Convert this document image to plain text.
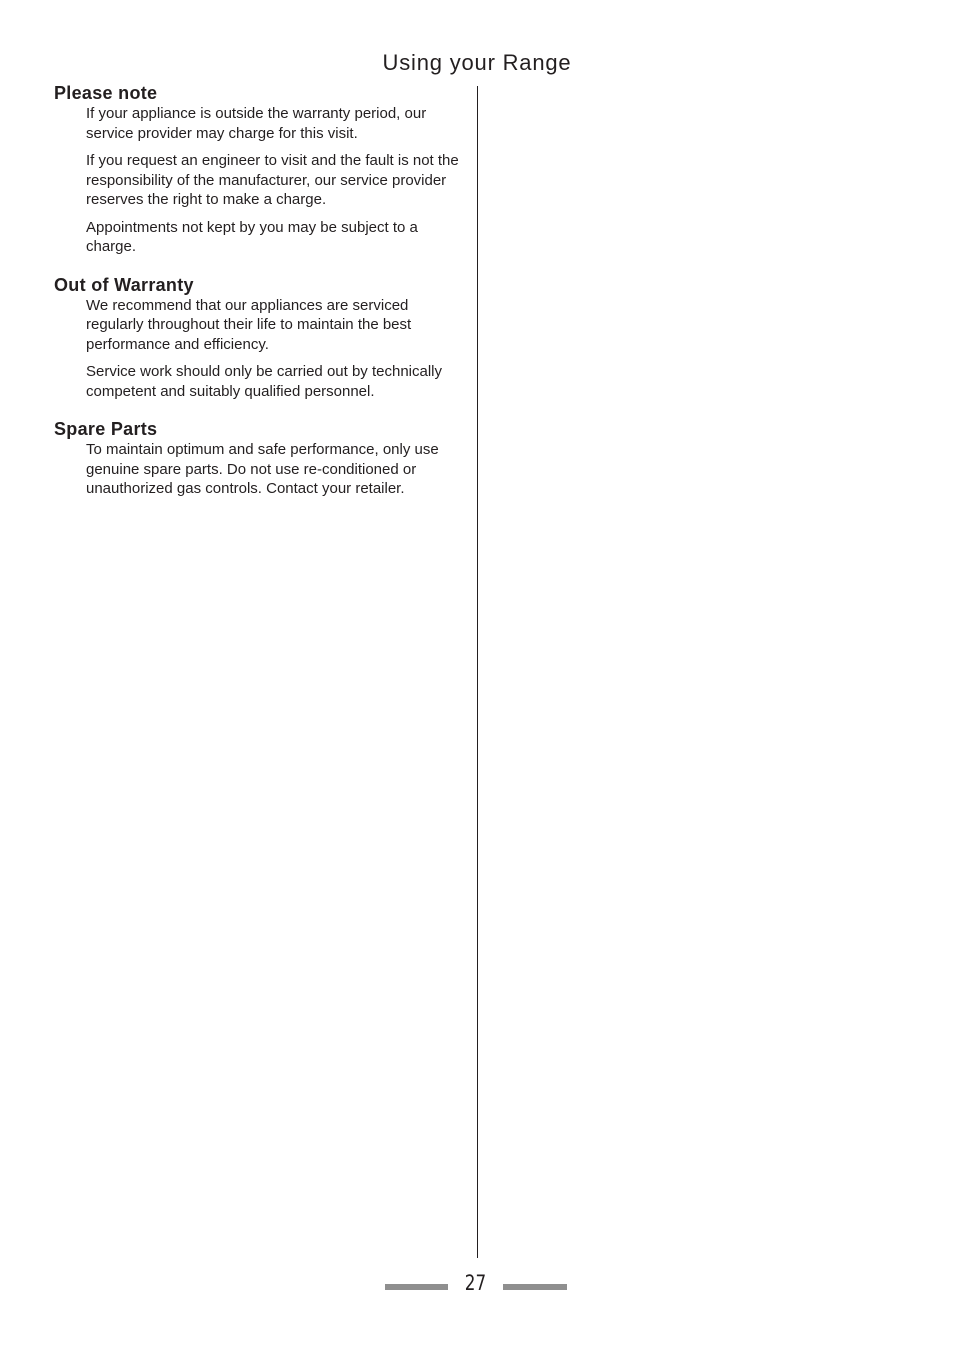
Using your Range
Please note

If your appliance is outside the warranty period, our service provider may charge for this visit.

If you request an engineer to visit and the fault is not the responsibility of the manufacturer, our service provider reserves the right to make a charge.

Appointments not kept by you may be subject to a charge.

Out of Warranty

We recommend that our appliances are serviced regularly throughout their life to maintain the best performance and efficiency.

Service work should only be carried out by technically competent and suitably qualified personnel.

Spare Parts

To maintain optimum and safe performance, only use genuine spare parts. Do not use re-conditioned or unauthorized gas controls. Contact your retailer.

27
